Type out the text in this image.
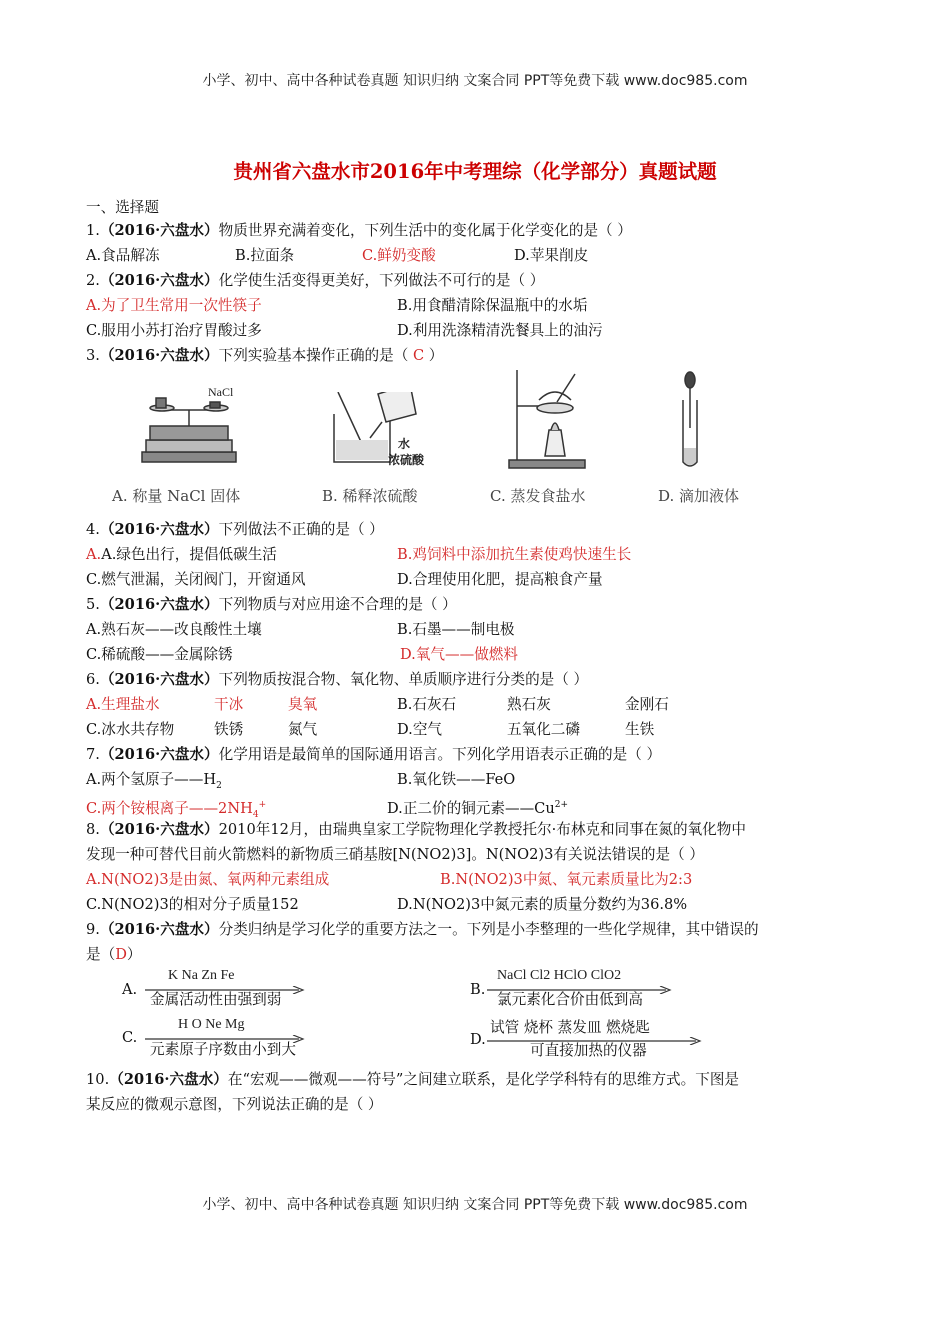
小学、初中、高中各种试卷真题 知识归纳 文案合同 PPT等免费下载 www.doc985.com
贵州省六盘水市2016年中考理综（化学部分）真题试题
一、选择题
1.（2016·六盘水）物质世界充满着变化，下列生活中的变化属于化学变化的是（ ）
A.食品解冻	B.拉面条	C.鲜奶变酸	D.苹果削皮
2.（2016·六盘水）化学使生活变得更美好，下列做法不可行的是（ ）
A.为了卫生常用一次性筷子	B.用食醋清除保温瓶中的水垢
C.服用小苏打治疗胃酸过多	D.利用洗涤精清洗餐具上的油污
3.（2016·六盘水）下列实验基本操作正确的是（ C ）
NaCl
水
浓硫酸
A. 称量 NaCl 固体	B. 稀释浓硫酸	C. 蒸发食盐水	D. 滴加液体
4.（2016·六盘水）下列做法不正确的是（ ）
A.A.绿色出行，提倡低碳生活	B.鸡饲料中添加抗生素使鸡快速生长
C.燃气泄漏，关闭阀门，开窗通风	D.合理使用化肥，提高粮食产量
5.（2016·六盘水）下列物质与对应用途不合理的是（ ）
A.熟石灰——改良酸性土壤	B.石墨——制电极
C.稀硫酸——金属除锈	D.氧气——做燃料
6.（2016·六盘水）下列物质按混合物、氧化物、单质顺序进行分类的是（ ）
A.生理盐水	干冰	臭氧	B.石灰石	熟石灰	金刚石
C.冰水共存物	铁锈	氮气	D.空气	五氧化二磷	生铁
7.（2016·六盘水）化学用语是最简单的国际通用语言。下列化学用语表示正确的是（ ）
A.两个氢原子$——H_2$	B.氧化铁——FeO
C.两个铵根离子$——2NH_4^+$	D.正二价的铜元素$——Cu^{2+}$
8.（2016·六盘水）2010年12月，由瑞典皇家工学院物理化学教授托尔·布林克和同事在氮的氧化物中
发现一种可替代目前火箭燃料的新物质三硝基胺[N(NO2)3]。N(NO2)3有关说法错误的是（ ）
A.N(NO2)3是由氮、氧两种元素组成	B.N(NO2)3中氮、氧元素质量比为2:3
C.N(NO2)3的相对分子质量152	D.N(NO2)3中氮元素的质量分数约为36.8%
9.（2016·六盘水）分类归纳是学习化学的重要方法之一。下列是小李整理的一些化学规律，其中错误的
是（D）
A.
K Na Zn Fe
金属活动性由强到弱
B.
NaCl Cl2 HClO ClO2
氯元素化合价由低到高
C.
H O Ne Mg
元素原子序数由小到大
D.
试管 烧杯 蒸发皿 燃烧匙
可直接加热的仪器
10.（2016·六盘水）在“宏观——微观——符号”之间建立联系，是化学学科特有的思维方式。下图是
某反应的微观示意图，下列说法正确的是（ ）
小学、初中、高中各种试卷真题 知识归纳 文案合同 PPT等免费下载 www.doc985.com
